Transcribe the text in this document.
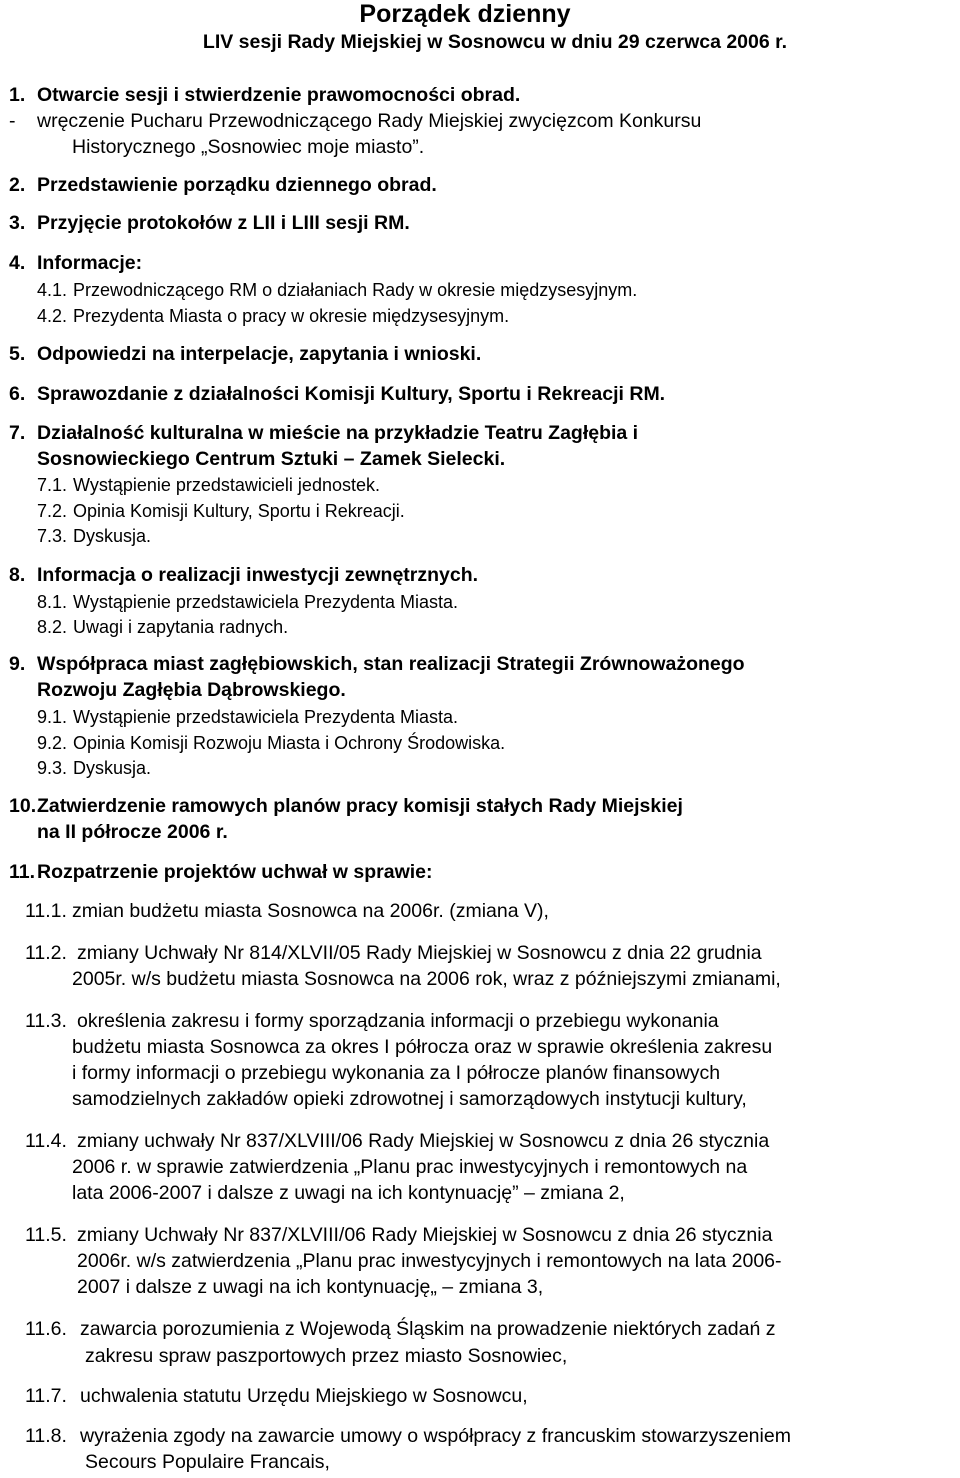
Porządek dzienny
LIV sesji Rady Miejskiej w Sosnowcu w dniu 29 czerwca 2006 r.
1. Otwarcie sesji i stwierdzenie prawomocności obrad.
- wręczenie Pucharu Przewodniczącego Rady Miejskiej zwycięzcom Konkursu
Historycznego „Sosnowiec moje miasto”.
2. Przedstawienie porządku dziennego obrad.
3. Przyjęcie protokołów z LII i LIII sesji RM.
4. Informacje:
4.1. Przewodniczącego RM o działaniach Rady w okresie międzysesyjnym.
4.2. Prezydenta Miasta o pracy w okresie międzysesyjnym.
5. Odpowiedzi na interpelacje, zapytania i wnioski.
6. Sprawozdanie z działalności Komisji Kultury, Sportu i Rekreacji RM.
7. Działalność kulturalna w mieście na przykładzie Teatru Zagłębia i
Sosnowieckiego Centrum Sztuki – Zamek Sielecki.
7.1. Wystąpienie przedstawicieli jednostek.
7.2. Opinia Komisji Kultury, Sportu i Rekreacji.
7.3. Dyskusja.
8. Informacja o realizacji inwestycji zewnętrznych.
8.1. Wystąpienie przedstawiciela Prezydenta Miasta.
8.2. Uwagi i zapytania radnych.
9. Współpraca miast zagłębiowskich, stan realizacji Strategii Zrównoważonego
Rozwoju Zagłębia Dąbrowskiego.
9.1. Wystąpienie przedstawiciela Prezydenta Miasta.
9.2. Opinia Komisji Rozwoju Miasta i Ochrony Środowiska.
9.3. Dyskusja.
10. Zatwierdzenie ramowych planów pracy komisji stałych Rady Miejskiej
na II półrocze 2006 r.
11. Rozpatrzenie projektów uchwał w sprawie:
11.1. zmian budżetu miasta Sosnowca na 2006r. (zmiana V),
11.2. zmiany Uchwały Nr 814/XLVII/05 Rady Miejskiej w Sosnowcu z dnia 22 grudnia
2005r. w/s budżetu miasta Sosnowca na 2006 rok, wraz z późniejszymi zmianami,
11.3. określenia zakresu i formy sporządzania informacji o przebiegu wykonania
budżetu miasta Sosnowca za okres I półrocza oraz w sprawie określenia zakresu
i formy informacji o przebiegu wykonania za I półrocze planów finansowych
samodzielnych zakładów opieki zdrowotnej i samorządowych instytucji kultury,
11.4. zmiany uchwały Nr 837/XLVIII/06 Rady Miejskiej w Sosnowcu z dnia 26 stycznia
2006 r. w sprawie zatwierdzenia „Planu prac inwestycyjnych i remontowych na
lata 2006-2007 i dalsze z uwagi na ich kontynuację” – zmiana 2,
11.5. zmiany Uchwały Nr 837/XLVIII/06 Rady Miejskiej w Sosnowcu z dnia 26 stycznia
2006r. w/s zatwierdzenia „Planu prac inwestycyjnych i remontowych na lata 2006-
2007 i dalsze z uwagi na ich kontynuację„ – zmiana 3,
11.6. zawarcia porozumienia z Wojewodą Śląskim na prowadzenie niektórych zadań z
zakresu spraw paszportowych przez miasto Sosnowiec,
11.7. uchwalenia statutu Urzędu Miejskiego w Sosnowcu,
11.8. wyrażenia zgody na zawarcie umowy o współpracy z francuskim stowarzyszeniem
Secours Populaire Francais,
